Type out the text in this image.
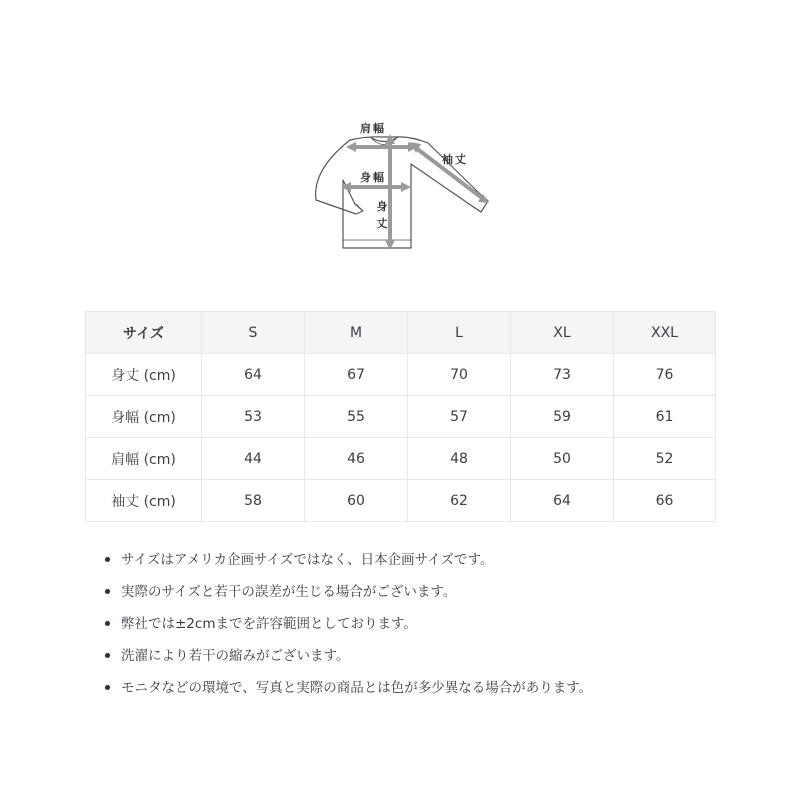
肩幅
袖丈
身幅
身 丈
サイズ	S	M	L	XL	XXL
身丈 (cm)	64	67	70	73	76
身幅 (cm)	53	55	57	59	61
肩幅 (cm)	44	46	48	50	52
袖丈 (cm)	58	60	62	64	66
サイズはアメリカ企画サイズではなく、日本企画サイズです。
実際のサイズと若干の誤差が生じる場合がございます。
弊社では±2cmまでを許容範囲としております。
洗濯により若干の縮みがございます。
モニタなどの環境で、写真と実際の商品とは色が多少異なる場合があります。
